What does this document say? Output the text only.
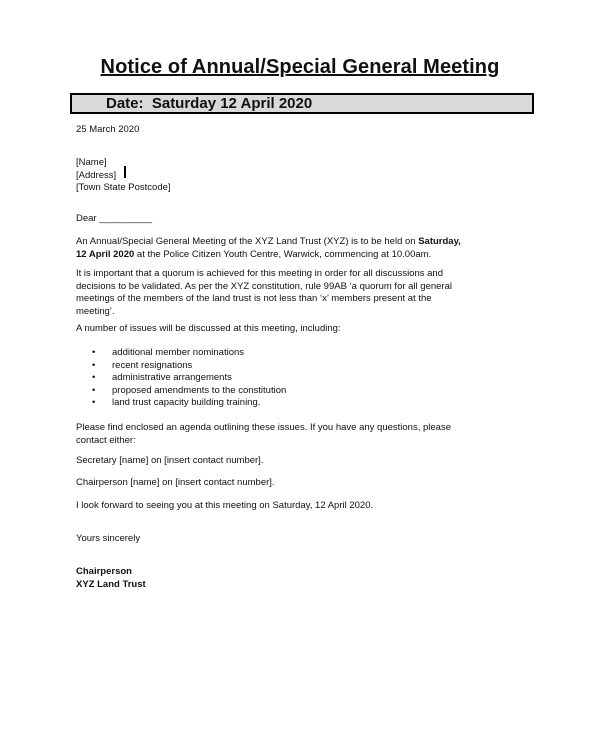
Notice of Annual/Special General Meeting
Date:  Saturday 12 April 2020
25 March 2020
[Name]
[Address]
[Town State Postcode]
Dear __________
An Annual/Special General Meeting of the XYZ Land Trust (XYZ) is to be held on Saturday,
12 April 2020 at the Police Citizen Youth Centre, Warwick, commencing at 10.00am.
It is important that a quorum is achieved for this meeting in order for all discussions and
decisions to be validated. As per the XYZ constitution, rule 99AB ‘a quorum for all general
meetings of the members of the land trust is not less than ‘x’ members present at the
meeting’.
A number of issues will be discussed at this meeting, including:
• additional member nominations
• recent resignations
• administrative arrangements
• proposed amendments to the constitution
• land trust capacity building training.
Please find enclosed an agenda outlining these issues. If you have any questions, please
contact either:
Secretary [name] on [insert contact number].
Chairperson [name] on [insert contact number].
I look forward to seeing you at this meeting on Saturday, 12 April 2020.
Yours sincerely
Chairperson
XYZ Land Trust
